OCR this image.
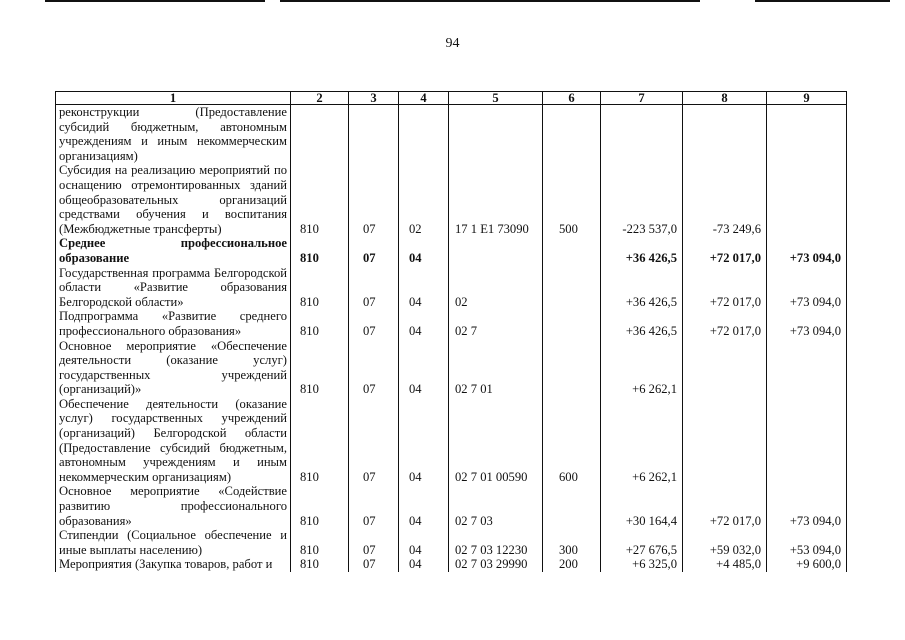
94
1	2	3	4	5	6	7	8	9
реконструкции (Предоставление субсидий бюджетным, автономным учреждениям и иным некоммерческим организациям)								
Субсидия на реализацию мероприятий по оснащению отремонтированных зданий общеобразовательных организаций средствами обучения и воспитания (Межбюджетные трансферты)	810	07	02	17 1 E1 73090	500	-223 537,0	-73 249,6	
Среднее профессиональное образование	810	07	04			+36 426,5	+72 017,0	+73 094,0
Государственная программа Белгородской области «Развитие образования Белгородской области»	810	07	04	02		+36 426,5	+72 017,0	+73 094,0
Подпрограмма «Развитие среднего профессионального образования»	810	07	04	02 7		+36 426,5	+72 017,0	+73 094,0
Основное мероприятие «Обеспечение деятельности (оказание услуг) государственных учреждений (организаций)»	810	07	04	02 7 01		+6 262,1		
Обеспечение деятельности (оказание услуг) государственных учреждений (организаций) Белгородской области (Предоставление субсидий бюджетным, автономным учреждениям и иным некоммерческим организациям)	810	07	04	02 7 01 00590	600	+6 262,1		
Основное мероприятие «Содействие развитию профессионального образования»	810	07	04	02 7 03		+30 164,4	+72 017,0	+73 094,0
Стипендии (Социальное обеспечение и иные выплаты населению)	810	07	04	02 7 03 12230	300	+27 676,5	+59 032,0	+53 094,0
Мероприятия (Закупка товаров, работ и	810	07	04	02 7 03 29990	200	+6 325,0	+4 485,0	+9 600,0
